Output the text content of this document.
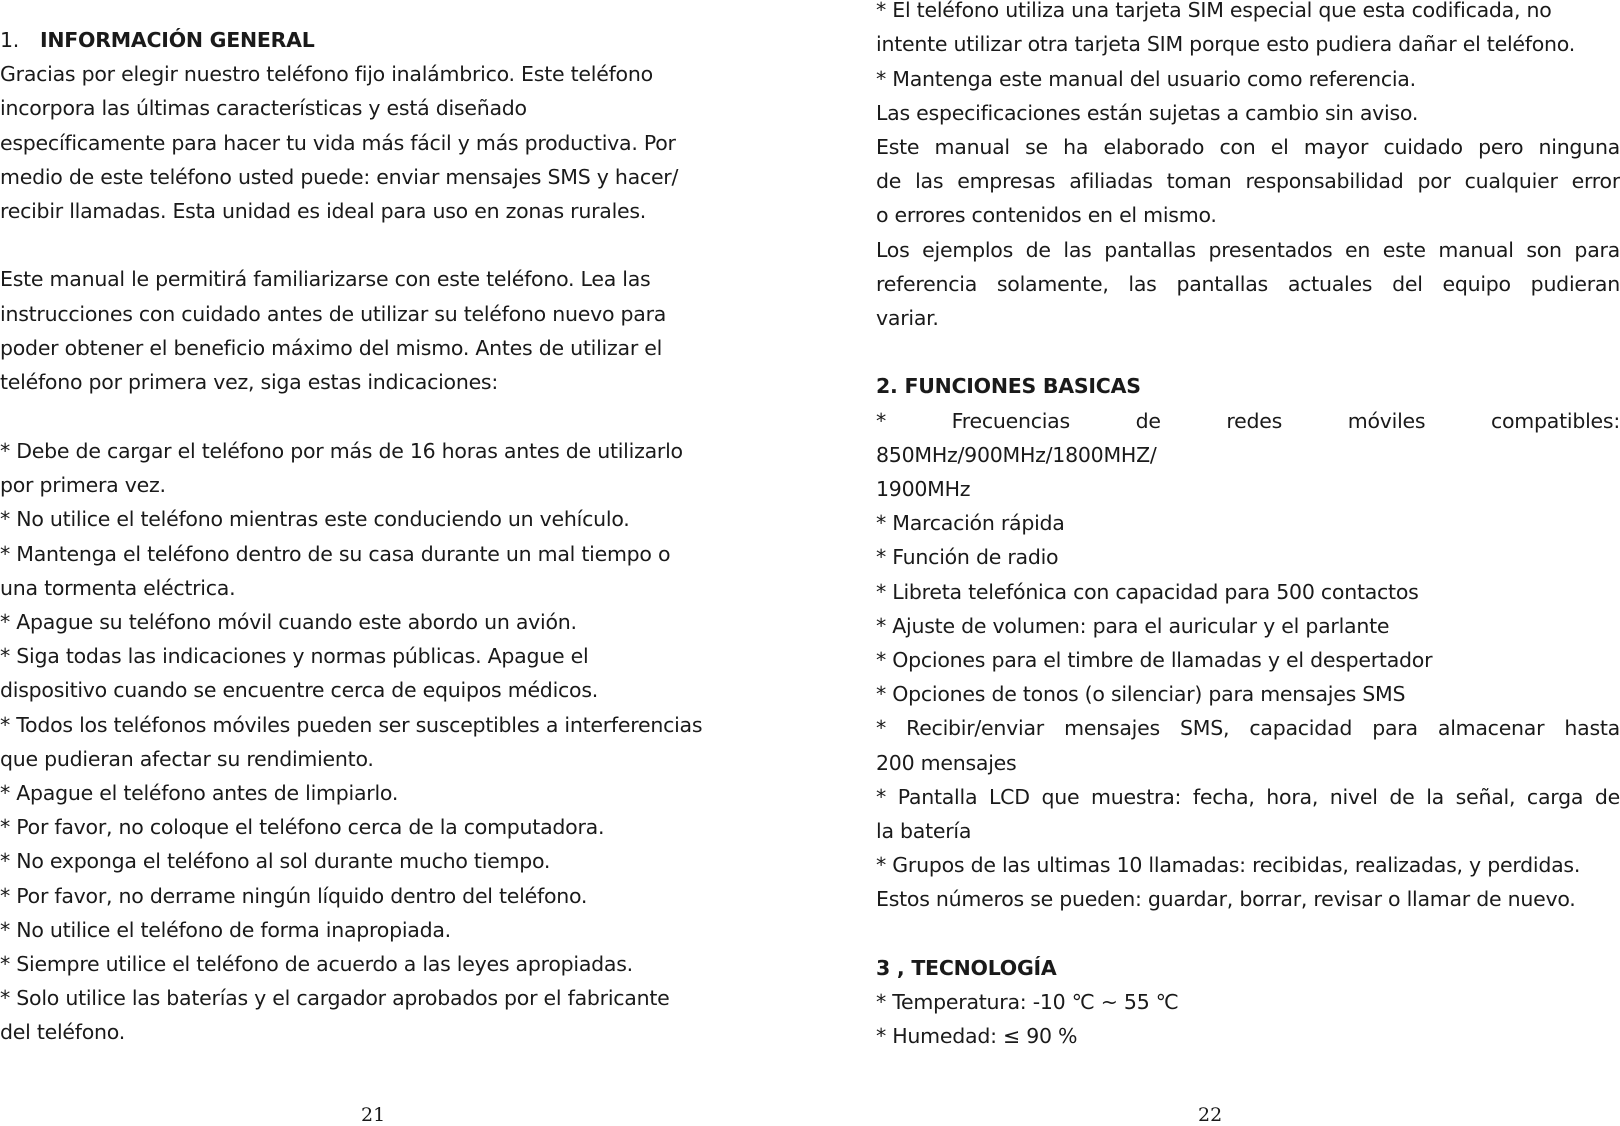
1. INFORMACIÓN GENERAL
Gracias por elegir nuestro teléfono fijo inalámbrico. Este teléfono
incorpora las últimas características y está diseñado
específicamente para hacer tu vida más fácil y más productiva. Por
medio de este teléfono usted puede: enviar mensajes SMS y hacer/
recibir llamadas. Esta unidad es ideal para uso en zonas rurales.
Este manual le permitirá familiarizarse con este teléfono. Lea las
instrucciones con cuidado antes de utilizar su teléfono nuevo para
poder obtener el beneficio máximo del mismo. Antes de utilizar el
teléfono por primera vez, siga estas indicaciones:
* Debe de cargar el teléfono por más de 16 horas antes de utilizarlo
por primera vez.
* No utilice el teléfono mientras este conduciendo un vehículo.
* Mantenga el teléfono dentro de su casa durante un mal tiempo o
una tormenta eléctrica.
* Apague su teléfono móvil cuando este abordo un avión.
* Siga todas las indicaciones y normas públicas. Apague el
dispositivo cuando se encuentre cerca de equipos médicos.
* Todos los teléfonos móviles pueden ser susceptibles a interferencias
que pudieran afectar su rendimiento.
* Apague el teléfono antes de limpiarlo.
* Por favor, no coloque el teléfono cerca de la computadora.
* No exponga el teléfono al sol durante mucho tiempo.
* Por favor, no derrame ningún líquido dentro del teléfono.
* No utilice el teléfono de forma inapropiada.
* Siempre utilice el teléfono de acuerdo a las leyes apropiadas.
* Solo utilice las baterías y el cargador aprobados por el fabricante
del teléfono.
21
* El teléfono utiliza una tarjeta SIM especial que esta codificada, no
intente utilizar otra tarjeta SIM porque esto pudiera dañar el teléfono.
* Mantenga este manual del usuario como referencia.
Las especificaciones están sujetas a cambio sin aviso.
Este manual se ha elaborado con el mayor cuidado pero ninguna
de las empresas afiliadas toman responsabilidad por cualquier error
o errores contenidos en el mismo.
Los ejemplos de las pantallas presentados en este manual son para
referencia solamente, las pantallas actuales del equipo pudieran
variar.
2. FUNCIONES BASICAS
* Frecuencias de redes móviles compatibles:
850MHz/900MHz/1800MHZ/
1900MHz
* Marcación rápida
* Función de radio
* Libreta telefónica con capacidad para 500 contactos
* Ajuste de volumen: para el auricular y el parlante
* Opciones para el timbre de llamadas y el despertador
* Opciones de tonos (o silenciar) para mensajes SMS
* Recibir/enviar mensajes SMS, capacidad para almacenar hasta
200 mensajes
* Pantalla LCD que muestra: fecha, hora, nivel de la señal, carga de
la batería
* Grupos de las ultimas 10 llamadas: recibidas, realizadas, y perdidas.
Estos números se pueden: guardar, borrar, revisar o llamar de nuevo.
3 , TECNOLOGÍA
* Temperatura: -10 ℃ ~ 55 ℃
* Humedad: ≤ 90 %
22
